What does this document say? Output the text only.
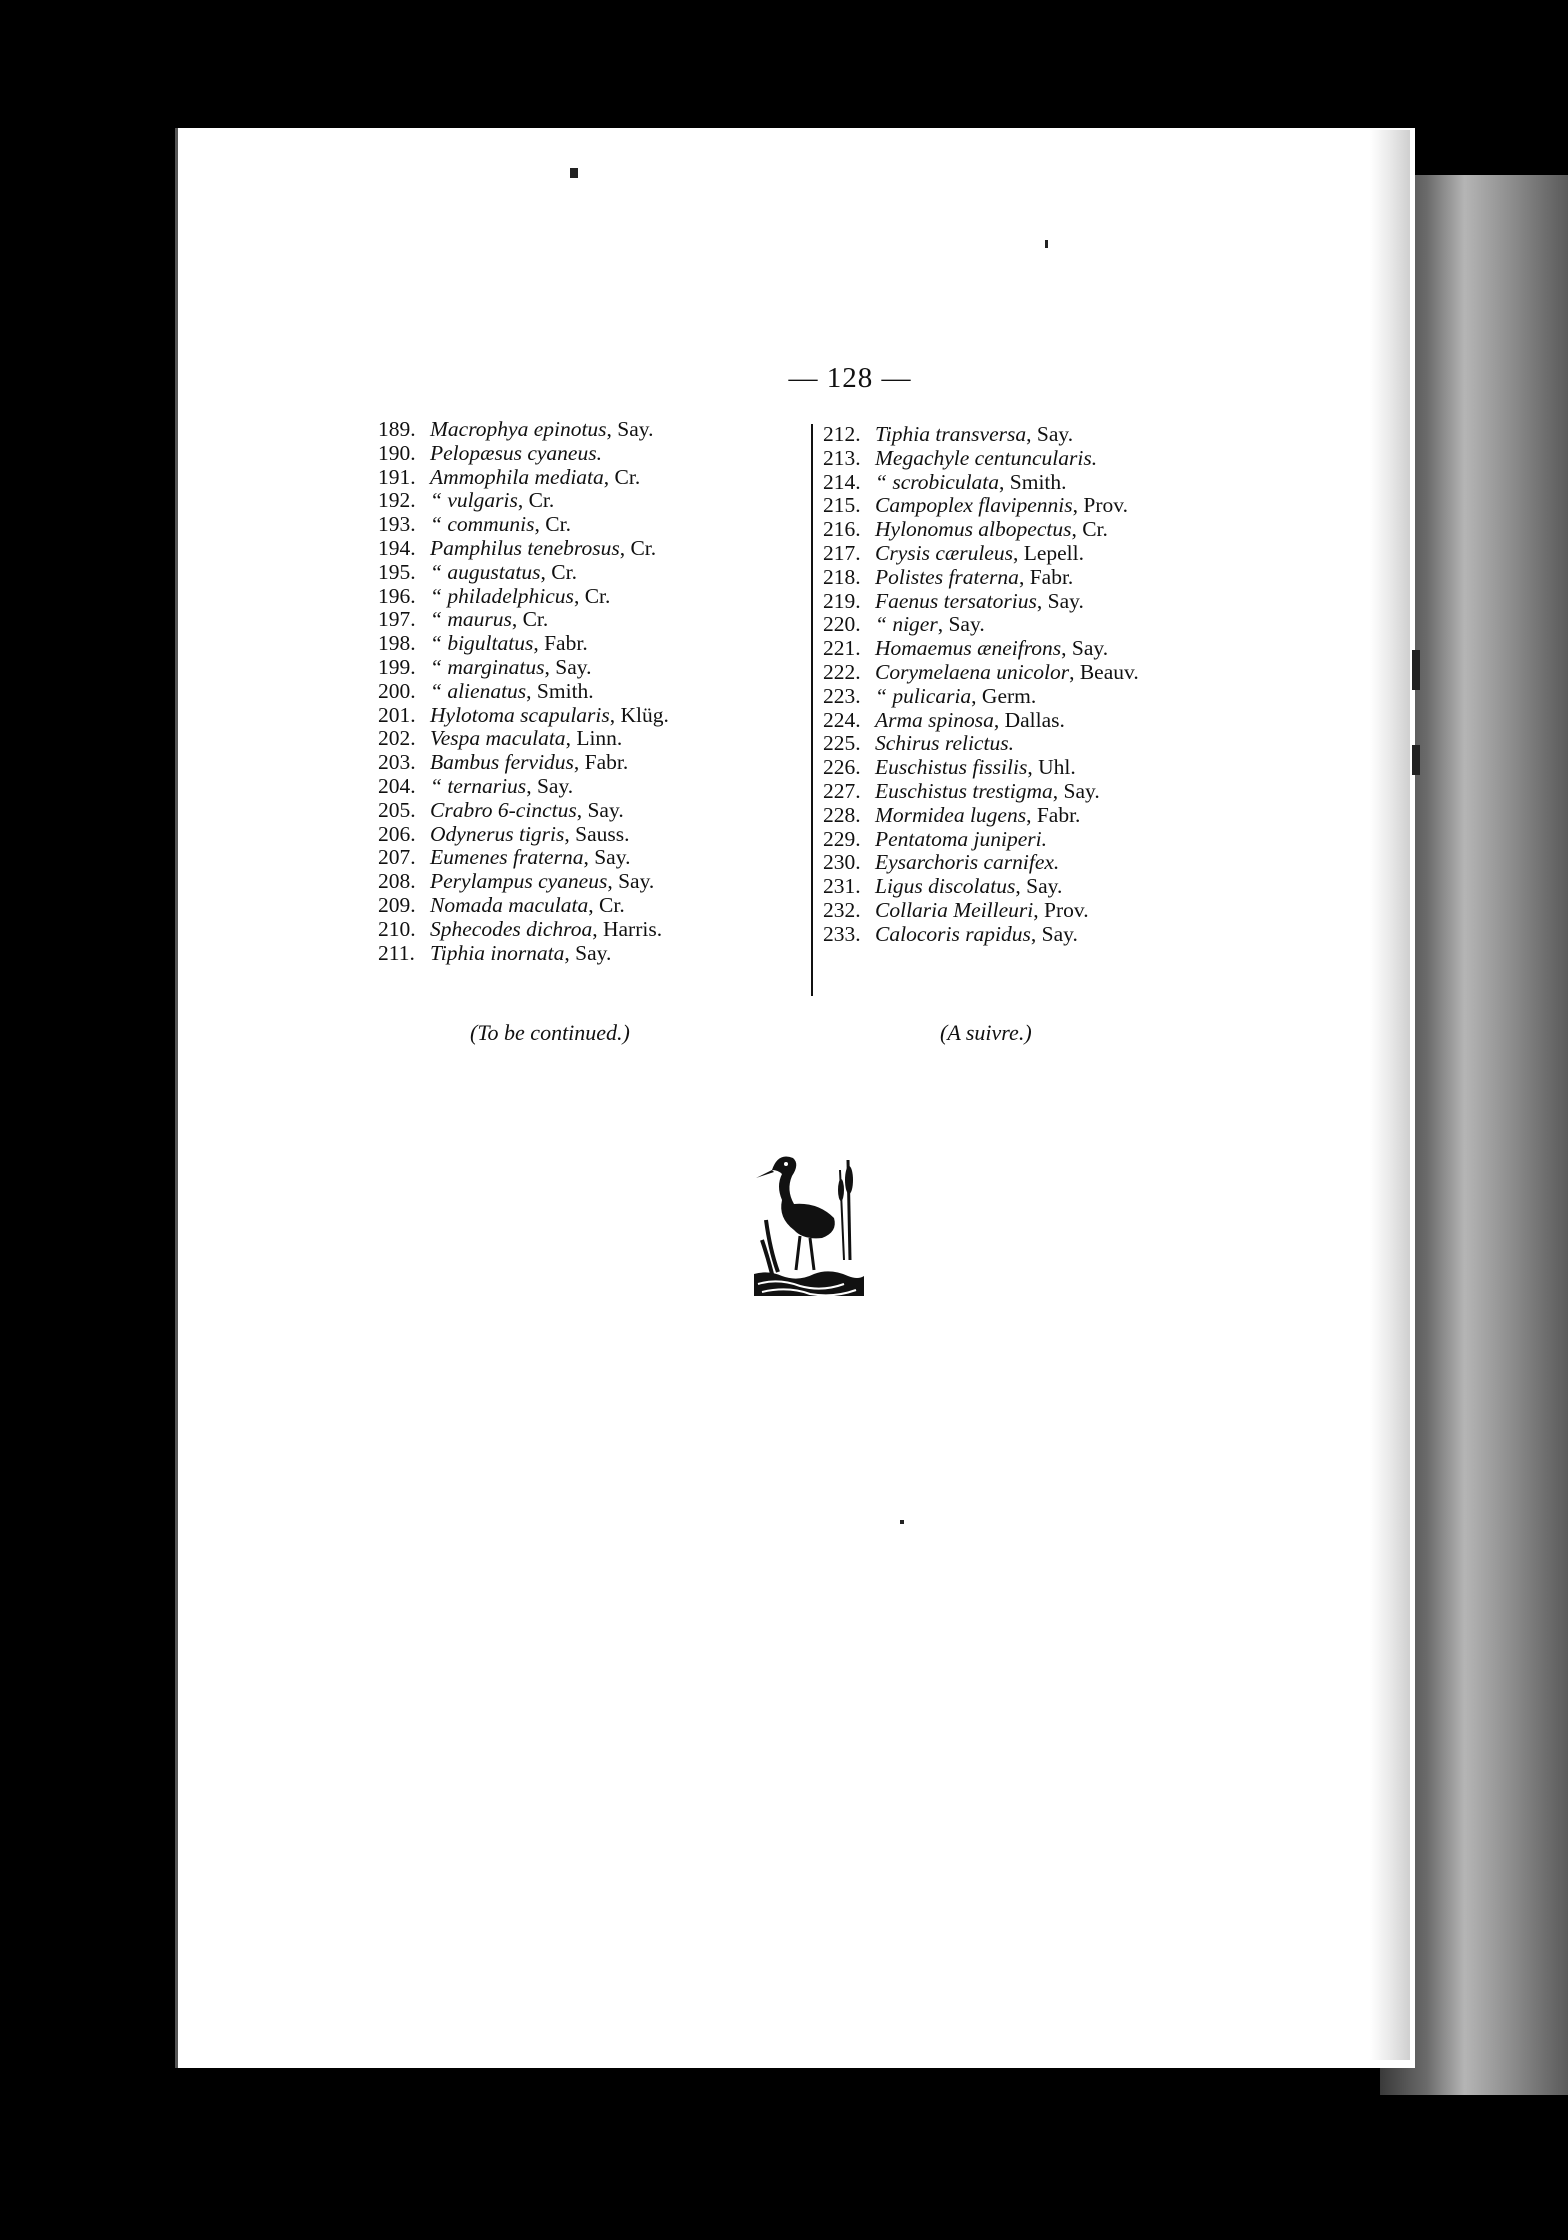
— 128 —
189. Macrophya epinotus, Say.
190. Pelopæsus cyaneus.
191. Ammophila mediata, Cr.
192. “ vulgaris, Cr.
193. “ communis, Cr.
194. Pamphilus tenebrosus, Cr.
195. “ augustatus, Cr.
196. “ philadelphicus, Cr.
197. “ maurus, Cr.
198. “ bigultatus, Fabr.
199. “ marginatus, Say.
200. “ alienatus, Smith.
201. Hylotoma scapularis, Klüg.
202. Vespa maculata, Linn.
203. Bambus fervidus, Fabr.
204. “ ternarius, Say.
205. Crabro 6-cinctus, Say.
206. Odynerus tigris, Sauss.
207. Eumenes fraterna, Say.
208. Perylampus cyaneus, Say.
209. Nomada maculata, Cr.
210. Sphecodes dichroa, Harris.
211. Tiphia inornata, Say.
212. Tiphia transversa, Say.
213. Megachyle centuncularis.
214. “ scrobiculata, Smith.
215. Campoplex flavipennis, Prov.
216. Hylonomus albopectus, Cr.
217. Crysis cæruleus, Lepell.
218. Polistes fraterna, Fabr.
219. Faenus tersatorius, Say.
220. “ niger, Say.
221. Homaemus æneifrons, Say.
222. Corymelaena unicolor, Beauv.
223. “ pulicaria, Germ.
224. Arma spinosa, Dallas.
225. Schirus relictus.
226. Euschistus fissilis, Uhl.
227. Euschistus trestigma, Say.
228. Mormidea lugens, Fabr.
229. Pentatoma juniperi.
230. Eysarchoris carnifex.
231. Ligus discolatus, Say.
232. Collaria Meilleuri, Prov.
233. Calocoris rapidus, Say.
(To be continued.)	(A suivre.)
